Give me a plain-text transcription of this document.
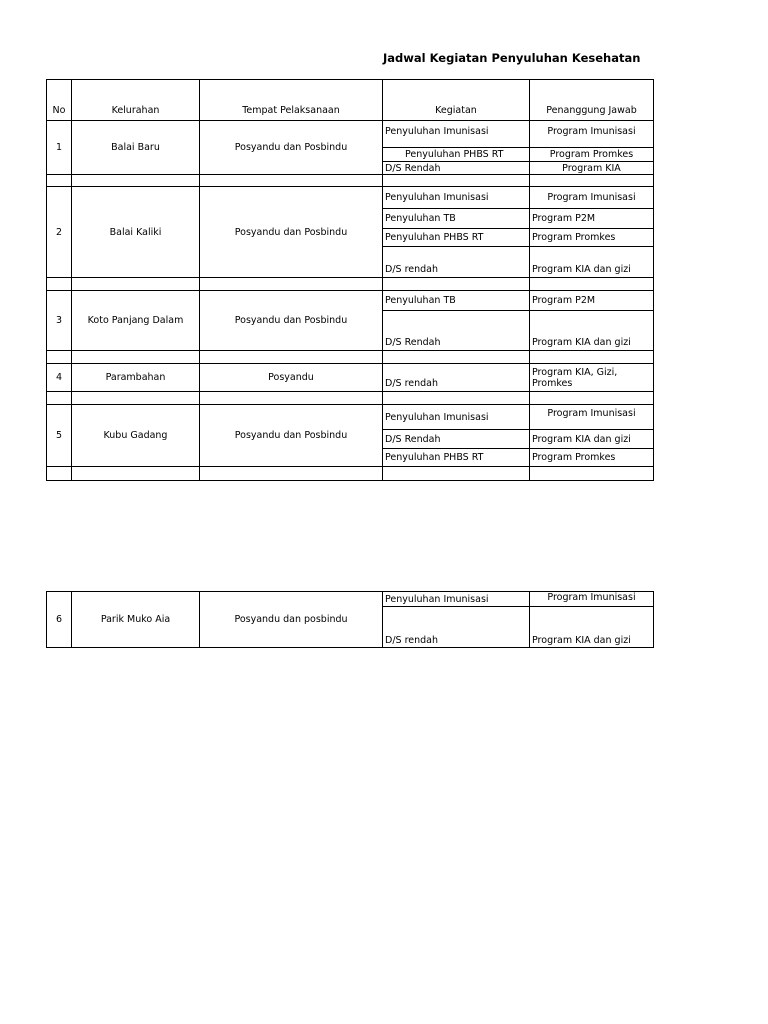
Jadwal Kegiatan Penyuluhan Kesehatan
No	Kelurahan	Tempat Pelaksanaan	Kegiatan	Penanggung Jawab
1	Balai Baru	Posyandu dan Posbindu	Penyuluhan Imunisasi	Program Imunisasi
			Penyuluhan PHBS RT	Program Promkes
			D/S Rendah	Program KIA

2	Balai Kaliki	Posyandu dan Posbindu	Penyuluhan Imunisasi	Program Imunisasi
			Penyuluhan TB	Program P2M
			Penyuluhan PHBS RT	Program Promkes
			D/S rendah	Program KIA dan gizi

3	Koto Panjang Dalam	Posyandu dan Posbindu	Penyuluhan TB	Program P2M
			D/S Rendah	Program KIA dan gizi

4	Parambahan	Posyandu	D/S rendah	Program KIA, Gizi, Promkes

5	Kubu Gadang	Posyandu dan Posbindu	Penyuluhan Imunisasi	Program Imunisasi
			D/S Rendah	Program KIA dan gizi
			Penyuluhan PHBS RT	Program Promkes

6	Parik Muko Aia	Posyandu dan posbindu	Penyuluhan Imunisasi	Program Imunisasi
			D/S rendah	Program KIA dan gizi
